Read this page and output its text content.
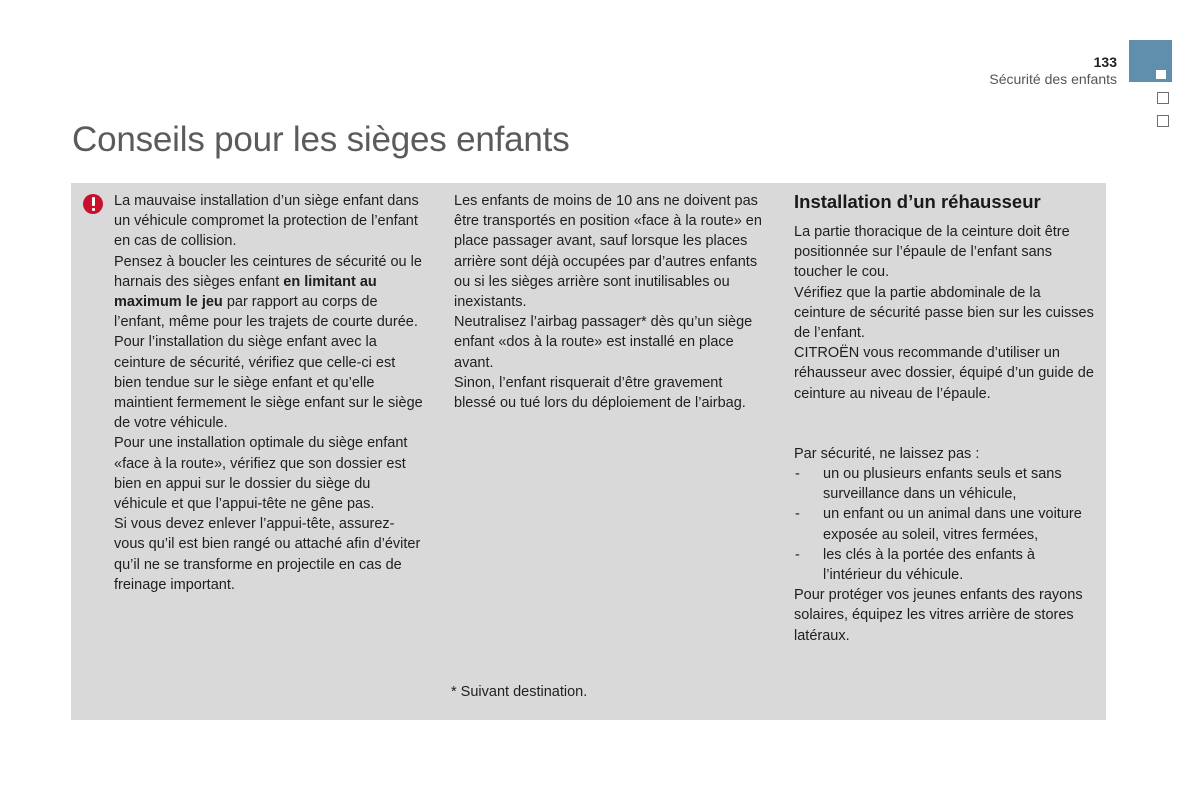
133
Sécurité des enfants
Conseils pour les sièges enfants

La mauvaise installation d’un siège enfant dans un véhicule compromet la protection de l’enfant en cas de collision.

Pensez à boucler les ceintures de sécurité ou le harnais des sièges enfant en limitant au maximum le jeu par rapport au corps de l’enfant, même pour les trajets de courte durée.

Pour l’installation du siège enfant avec la ceinture de sécurité, vérifiez que celle-ci est bien tendue sur le siège enfant et qu’elle maintient fermement le siège enfant sur le siège de votre véhicule.

Pour une installation optimale du siège enfant «face à la route», vérifiez que son dossier est bien en appui sur le dossier du siège du véhicule et que l’appui-tête ne gêne pas.

Si vous devez enlever l’appui-tête, assurez-vous qu’il est bien rangé ou attaché afin d’éviter qu’il ne se transforme en projectile en cas de freinage important.

Les enfants de moins de 10 ans ne doivent pas être transportés en position «face à la route» en place passager avant, sauf lorsque les places arrière sont déjà occupées par d’autres enfants ou si les sièges arrière sont inutilisables ou inexistants.

Neutralisez l’airbag passager* dès qu’un siège enfant «dos à la route» est installé en place avant.

Sinon, l’enfant risquerait d’être gravement blessé ou tué lors du déploiement de l’airbag.

Installation d’un réhausseur

La partie thoracique de la ceinture doit être positionnée sur l’épaule de l’enfant sans toucher le cou.

Vérifiez que la partie abdominale de la ceinture de sécurité passe bien sur les cuisses de l’enfant.

CITROËN vous recommande d’utiliser un réhausseur avec dossier, équipé d’un guide de ceinture au niveau de l’épaule.

Par sécurité, ne laissez pas :

- un ou plusieurs enfants seuls et sans surveillance dans un véhicule,
- un enfant ou un animal dans une voiture exposée au soleil, vitres fermées,
- les clés à la portée des enfants à l’intérieur du véhicule.

Pour protéger vos jeunes enfants des rayons solaires, équipez les vitres arrière de stores latéraux.

* Suivant destination.
